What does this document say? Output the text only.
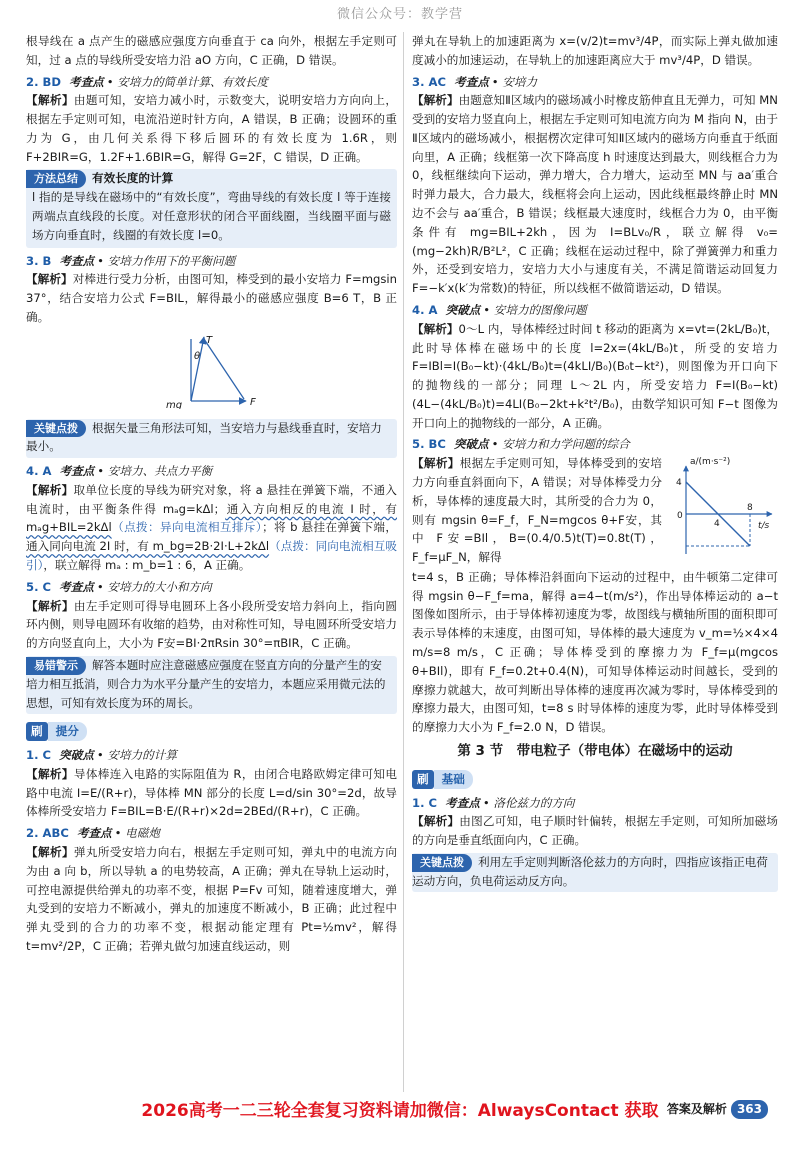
微信公众号：教学营

根导线在 a 点产生的磁感应强度方向垂直于 ca 向外，根据左手定则可知，过 a 点的导线所受安培力沿 aO 方向，C 正确，D 错误。

2. BD 考查点 • 安培力的简单计算、有效长度

【解析】由题可知，安培力减小时，示数变大，说明安培力方向向上，根据左手定则可知，电流沿逆时针方向，A 错误，B 正确；设圆环的重力为 G，由几何关系得下移后圆环的有效长度为 1.6R，则 F+2BIR=G，1.2F+1.6BIR=G，解得 G=2F，C 错误，D 正确。

方法总结 有效长度的计算

l 指的是导线在磁场中的“有效长度”，弯曲导线的有效长度 l 等于连接两端点直线段的长度。对任意形状的闭合平面线圈，当线圈平面与磁场方向垂直时，线圈的有效长度 l=0。

3. B 考查点 • 安培力作用下的平衡问题

【解析】对棒进行受力分析，由图可知，棒受到的最小安培力 F=mgsin 37°，结合安培力公式 F=BIL，解得最小的磁感应强度 B=6 T，B 正确。

T
θ
mg	F
关键点拨 根据矢量三角形法可知，当安培力与悬线垂直时，安培力最小。
4. A 考查点 • 安培力、共点力平衡

【解析】取单位长度的导线为研究对象，将 a 悬挂在弹簧下端，不通入电流时，由平衡条件得 mₐg=kΔl；通入方向相反的电流 I 时，有 mₐg+BIL=2kΔl（点拨：异向电流相互排斥）；将 b 悬挂在弹簧下端，通入同向电流 2I 时，有 m_bg=2B·2I·L+2kΔl（点拨：同向电流相互吸引），联立解得 mₐ : m_b=1 : 6，A 正确。

5. C 考查点 • 安培力的大小和方向

【解析】由左手定则可得导电圆环上各小段所受安培力斜向上，指向圆环内侧，则导电圆环有收缩的趋势，由对称性可知，导电圆环所受安培力的方向竖直向上，大小为 F安=BI·2πRsin 30°=πBIR，C 正确。

易错警示 解答本题时应注意磁感应强度在竖直方向的分量产生的安培力相互抵消，则合力为水平分量产生的安培力，本题应采用微元法的思想，可知有效长度为环的周长。
刷	提分
1. C 突破点 • 安培力的计算

【解析】导体棒连入电路的实际阻值为 R，由闭合电路欧姆定律可知电路中电流 I=E/(R+r)，导体棒 MN 部分的长度 L=d/sin 30°=2d，故导体棒所受安培力 F=BIL=B·E/(R+r)×2d=2BEd/(R+r)，C 正确。

2. ABC 考查点 • 电磁炮

【解析】弹丸所受安培力向右，根据左手定则可知，弹丸中的电流方向为由 a 向 b，所以导轨 a 的电势较高，A 正确；弹丸在导轨上运动时，可控电源提供给弹丸的功率不变，根据 P=Fv 可知，随着速度增大，弹丸受到的安培力不断减小，弹丸的加速度不断减小，B 正确；此过程中弹丸受到的合力的功率不变，根据动能定理有 Pt=½mv²，解得 t=mv²/2P，C 正确；若弹丸做匀加速直线运动，则

弹丸在导轨上的加速距离为 x=(v/2)t=mv³/4P，而实际上弹丸做加速度减小的加速运动，在导轨上的加速距离应大于 mv³/4P，D 错误。

3. AC 考查点 • 安培力

【解析】由题意知Ⅱ区域内的磁场减小时橡皮筋伸直且无弹力，可知 MN 受到的安培力竖直向上，根据左手定则可知电流方向为 M 指向 N，由于Ⅱ区域内的磁场减小，根据楞次定律可知Ⅱ区域内的磁场方向垂直于纸面向里，A 正确；线框第一次下降高度 h 时速度达到最大，则线框合力为 0，线框继续向下运动，弹力增大，合力增大，运动至 MN 与 aa′重合时弹力最大，合力最大，线框将会向上运动，因此线框最终静止时 MN 边不会与 aa′重合，B 错误；线框最大速度时，线框合力为 0，由平衡条件有 mg=BIL+2kh，因为 I=BLv₀/R，联立解得 v₀=(mg−2kh)R/B²L²，C 正确；线框在运动过程中，除了弹簧弹力和重力外，还受到安培力，安培力大小与速度有关，不满足简谐运动回复力 F=−k′x(k′为常数)的特征，所以线框不做简谐运动，D 错误。

4. A 突破点 • 安培力的图像问题

【解析】0～L 内，导体棒经过时间 t 移动的距离为 x=vt=(2kL/B₀)t，此时导体棒在磁场中的长度 l=2x=(4kL/B₀)t，所受的安培力 F=IBl=I(B₀−kt)·(4kL/B₀)t=(4kLI/B₀)(B₀t−kt²)，则图像为开口向下的抛物线的一部分；同理 L～2L 内，所受安培力 F=I(B₀−kt)(4L−(4kL/B₀)t)=4LI(B₀−2kt+k²t²/B₀)，由数学知识可知 F−t 图像为开口向上的抛物线的一部分，A 正确。

5. BC 突破点 • 安培力和力学问题的综合

【解析】根据左手定则可知，导体棒受到的安培力方向垂直斜面向下，A 错误；对导体棒受力分析，导体棒的速度最大时，其所受的合力为 0，则有 mgsin θ=F_f，F_N=mgcos θ+F安，其中 F安=BIl，B=(0.4/0.5)t(T)=0.8t(T)，F_f=μF_N，解得

a/(m·s⁻²)
t/s
4
4
8
0

t=4 s，B 正确；导体棒沿斜面向下运动的过程中，由牛顿第二定律可得 mgsin θ−F_f=ma，解得 a=4−t(m/s²)，作出导体棒运动的 a−t 图像如图所示，由于导体棒初速度为零，故图线与横轴所围的面积即可表示导体棒的末速度，由图可知，导体棒的最大速度为 v_m=½×4×4 m/s=8 m/s，C 正确；导体棒受到的摩擦力为 F_f=μ(mgcos θ+BIl)，即有 F_f=0.2t+0.4(N)，可知导体棒运动时间越长，受到的摩擦力就越大，故可判断出导体棒的速度再次减为零时，导体棒受到的摩擦力最大，由图可知，t=8 s 时导体棒的速度为零，此时导体棒受到的摩擦力大小为 F_f=2.0 N，D 错误。

第 3 节　带电粒子（带电体）在磁场中的运动
刷	基础
1. C 考查点 • 洛伦兹力的方向

【解析】由图乙可知，电子顺时针偏转，根据左手定则，可知所加磁场的方向是垂直纸面向内，C 正确。

关键点拨 利用左手定则判断洛伦兹力的方向时，四指应该指正电荷运动方向，负电荷运动反方向。
2026高考一二三轮全套复习资料请加微信：AlwaysContact 获取 答案及解析 363
